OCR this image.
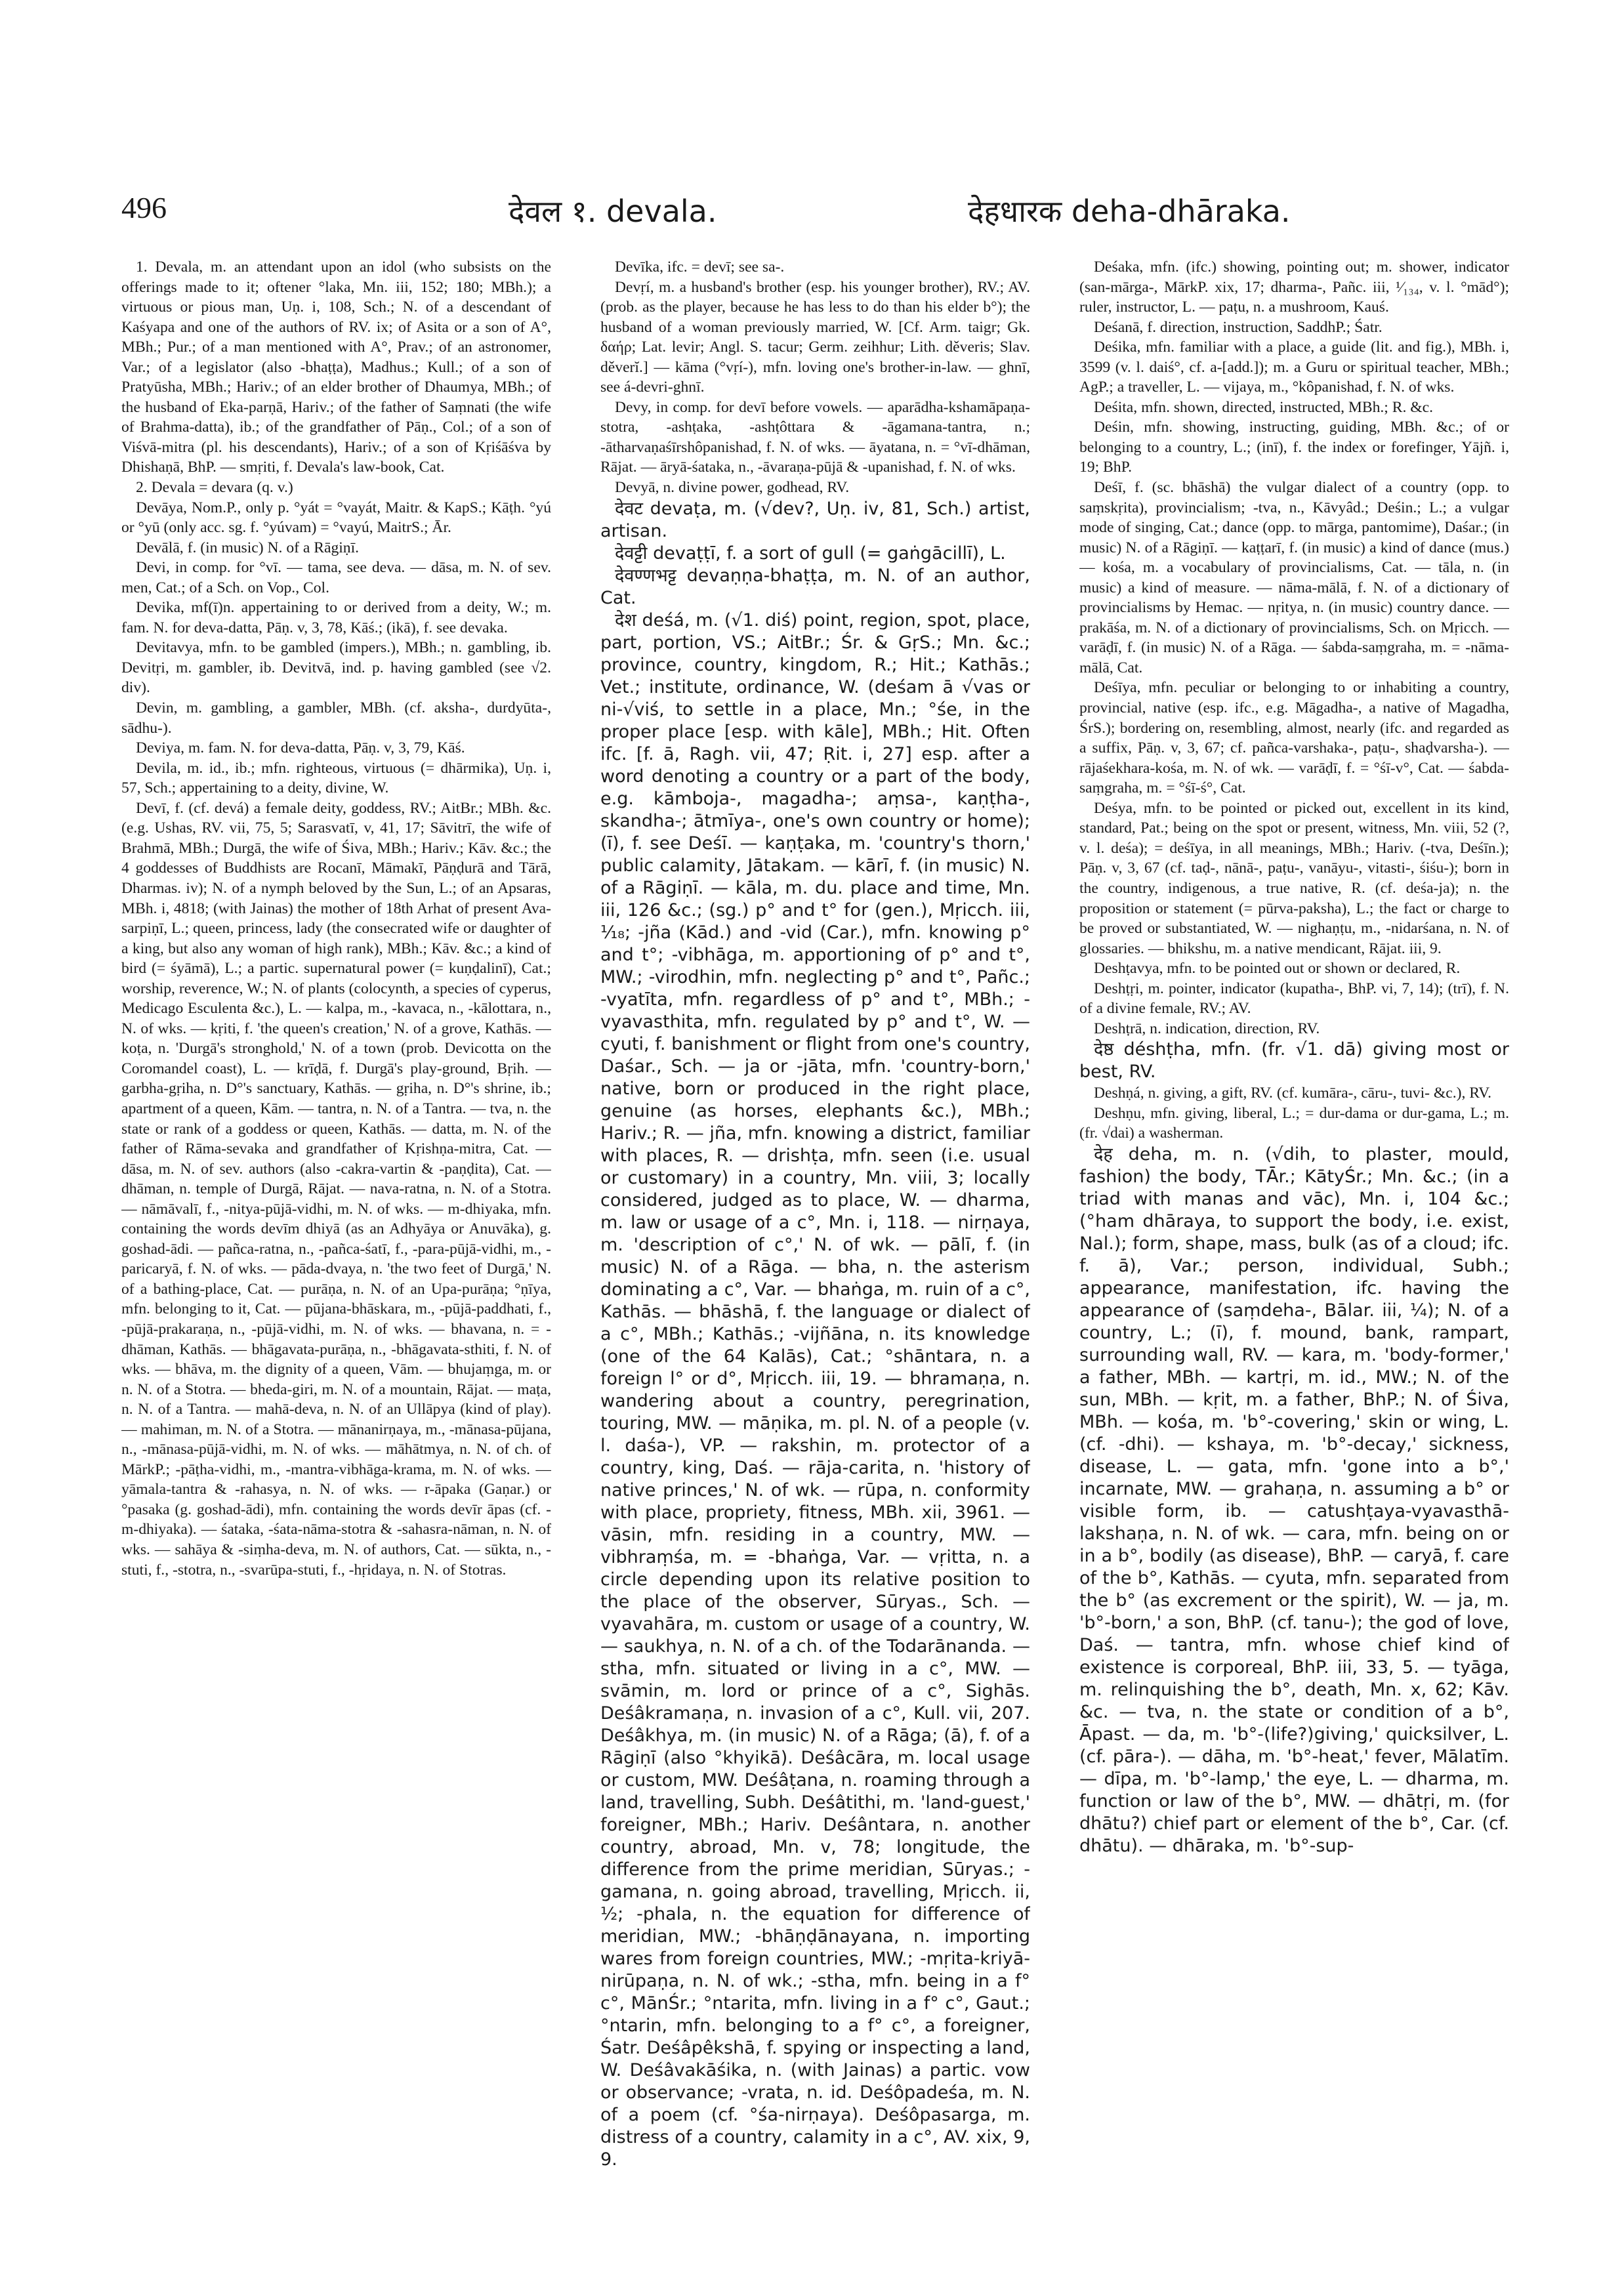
496	देवल १. devala.	देहधारक deha-dhāraka.

1. Devala, m. an attendant upon an idol (who subsists on the offerings made to it; oftener °laka, Mn. iii, 152; 180; MBh.); a virtuous or pious man, Uṇ. i, 108, Sch.; N. of a descendant of Kaśyapa and one of the authors of RV. ix; of Asita or a son of A°, MBh.; Pur.; of a man mentioned with A°, Prav.; of an astronomer, Var.; of a legislator (also -bhaṭṭa), Madhus.; Kull.; of a son of Pratyūsha, MBh.; Hariv.; of an elder brother of Dhaumya, MBh.; of the husband of Eka-parṇā, Hariv.; of the father of Saṃnati (the wife of Brahma-datta), ib.; of the grandfather of Pāṇ., Col.; of a son of Viśvā-mitra (pl. his descendants), Hariv.; of a son of Kṛiśāśva by Dhishaṇā, BhP. — smṛiti, f. Devala's law-book, Cat.

2. Devala = devara (q. v.)

Devāya, Nom.P., only p. °yát = °vayát, Maitr. & KapS.; Kāṭh. °yú or °yū (only acc. sg. f. °yúvam) = °vayú, MaitrS.; Ār.

Devālā, f. (in music) N. of a Rāgiṇī.

Devi, in comp. for °vī. — tama, see deva. — dāsa, m. N. of sev. men, Cat.; of a Sch. on Vop., Col.

Devika, mf(ī)n. appertaining to or derived from a deity, W.; m. fam. N. for deva-datta, Pāṇ. v, 3, 78, Kāś.; (ikā), f. see devaka.

Devitavya, mfn. to be gambled (impers.), MBh.; n. gambling, ib. Devitṛi, m. gambler, ib. Devitvā, ind. p. having gambled (see √2. div).

Devin, m. gambling, a gambler, MBh. (cf. aksha-, durdyūta-, sādhu-).

Deviya, m. fam. N. for deva-datta, Pāṇ. v, 3, 79, Kāś.

Devila, m. id., ib.; mfn. righteous, virtuous (= dhārmika), Uṇ. i, 57, Sch.; appertaining to a deity, divine, W.

Devī, f. (cf. devá) a female deity, goddess, RV.; AitBr.; MBh. &c. (e.g. Ushas, RV. vii, 75, 5; Sarasvatī, v, 41, 17; Sāvitrī, the wife of Brahmā, MBh.; Durgā, the wife of Śiva, MBh.; Hariv.; Kāv. &c.; the 4 goddesses of Buddhists are Rocanī, Māmakī, Pāṇḍurā and Tārā, Dharmas. iv); N. of a nymph beloved by the Sun, L.; of an Apsaras, MBh. i, 4818; (with Jainas) the mother of 18th Arhat of present Ava-sarpiṇī, L.; queen, princess, lady (the consecrated wife or daughter of a king, but also any woman of high rank), MBh.; Kāv. &c.; a kind of bird (= śyāmā), L.; a partic. supernatural power (= kuṇḍalinī), Cat.; worship, reverence, W.; N. of plants (colocynth, a species of cyperus, Medicago Esculenta &c.), L. — kalpa, m., -kavaca, n., -kālottara, n., N. of wks. — kṛiti, f. 'the queen's creation,' N. of a grove, Kathās. — koṭa, n. 'Durgā's stronghold,' N. of a town (prob. Devicotta on the Coromandel coast), L. — krīḍā, f. Durgā's play-ground, Bṛih. — garbha-gṛiha, n. D°'s sanctuary, Kathās. — gṛiha, n. D°'s shrine, ib.; apartment of a queen, Kām. — tantra, n. N. of a Tantra. — tva, n. the state or rank of a goddess or queen, Kathās. — datta, m. N. of the father of Rāma-sevaka and grandfather of Kṛishṇa-mitra, Cat. — dāsa, m. N. of sev. authors (also -cakra-vartin & -paṇḍita), Cat. — dhāman, n. temple of Durgā, Rājat. — nava-ratna, n. N. of a Stotra. — nāmāvalī, f., -nitya-pūjā-vidhi, m. N. of wks. — m-dhiyaka, mfn. containing the words devīm dhiyā (as an Adhyāya or Anuvāka), g. goshad-ādi. — pañca-ratna, n., -pañca-śatī, f., -para-pūjā-vidhi, m., -paricaryā, f. N. of wks. — pāda-dvaya, n. 'the two feet of Durgā,' N. of a bathing-place, Cat. — purāṇa, n. N. of an Upa-purāṇa; °ṇīya, mfn. belonging to it, Cat. — pūjana-bhāskara, m., -pūjā-paddhati, f., -pūjā-prakaraṇa, n., -pūjā-vidhi, m. N. of wks. — bhavana, n. = -dhāman, Kathās. — bhāgavata-purāṇa, n., -bhāgavata-sthiti, f. N. of wks. — bhāva, m. the dignity of a queen, Vām. — bhujaṃga, m. or n. N. of a Stotra. — bheda-giri, m. N. of a mountain, Rājat. — maṭa, n. N. of a Tantra. — mahā-deva, n. N. of an Ullāpya (kind of play). — mahiman, m. N. of a Stotra. — mānanirṇaya, m., -mānasa-pūjana, n., -mānasa-pūjā-vidhi, m. N. of wks. — māhātmya, n. N. of ch. of MārkP.; -pāṭha-vidhi, m., -mantra-vibhāga-krama, m. N. of wks. — yāmala-tantra & -rahasya, n. N. of wks. — r-āpaka (Gaṇar.) or °pasaka (g. goshad-ādi), mfn. containing the words devīr āpas (cf. -m-dhiyaka). — śataka, -śata-nāma-stotra & -sahasra-nāman, n. N. of wks. — sahāya & -siṃha-deva, m. N. of authors, Cat. — sūkta, n., -stuti, f., -stotra, n., -svarūpa-stuti, f., -hṛidaya, n. N. of Stotras.

Devīka, ifc. = devī; see sa-.

Devṛí, m. a husband's brother (esp. his younger brother), RV.; AV. (prob. as the player, because he has less to do than his elder b°); the husband of a woman previously married, W. [Cf. Arm. taigr; Gk. δαήρ; Lat. levir; Angl. S. tacur; Germ. zeihhur; Lith. děveris; Slav. děverĭ.] — kāma (°vṛí-), mfn. loving one's brother-in-law. — ghnī, see á-devri-ghnī.

Devy, in comp. for devī before vowels. — aparādha-kshamāpaṇa-stotra, -ashṭaka, -ashṭôttara & -āgamana-tantra, n.; -ātharvaṇaśīrshôpanishad, f. N. of wks. — āyatana, n. = °vī-dhāman, Rājat. — āryā-śataka, n., -āvaraṇa-pūjā & -upanishad, f. N. of wks.

Devyā, n. divine power, godhead, RV.

देवट devaṭa, m. (√dev?, Uṇ. iv, 81, Sch.) artist, artisan.

देवट्टी devaṭṭī, f. a sort of gull (= gaṅgācillī), L.

देवण्णभट्ट devaṇṇa-bhaṭṭa, m. N. of an author, Cat.

देश deśá, m. (√1. diś) point, region, spot, place, part, portion, VS.; AitBr.; Śr. & GṛS.; Mn. &c.; province, country, kingdom, R.; Hit.; Kathās.; Vet.; institute, ordinance, W. (deśam ā √vas or ni-√viś, to settle in a place, Mn.; °śe, in the proper place [esp. with kāle], MBh.; Hit. Often ifc. [f. ā, Ragh. vii, 47; Ṛit. i, 27] esp. after a word denoting a country or a part of the body, e.g. kāmboja-, magadha-; aṃsa-, kaṇṭha-, skandha-; ātmīya-, one's own country or home); (ī), f. see Deśī. — kaṇṭaka, m. 'country's thorn,' public calamity, Jātakam. — kārī, f. (in music) N. of a Rāgiṇī. — kāla, m. du. place and time, Mn. iii, 126 &c.; (sg.) p° and t° for (gen.), Mṛicch. iii, ¹⁄₁₈; -jña (Kād.) and -vid (Car.), mfn. knowing p° and t°; -vibhāga, m. apportioning of p° and t°, MW.; -virodhin, mfn. neglecting p° and t°, Pañc.; -vyatīta, mfn. regardless of p° and t°, MBh.; -vyavasthita, mfn. regulated by p° and t°, W. — cyuti, f. banishment or flight from one's country, Daśar., Sch. — ja or -jāta, mfn. 'country-born,' native, born or produced in the right place, genuine (as horses, elephants &c.), MBh.; Hariv.; R. — jña, mfn. knowing a district, familiar with places, R. — drishṭa, mfn. seen (i.e. usual or customary) in a country, Mn. viii, 3; locally considered, judged as to place, W. — dharma, m. law or usage of a c°, Mn. i, 118. — nirṇaya, m. 'description of c°,' N. of wk. — pālī, f. (in music) N. of a Rāga. — bha, n. the asterism dominating a c°, Var. — bhaṅga, m. ruin of a c°, Kathās. — bhāshā, f. the language or dialect of a c°, MBh.; Kathās.; -vijñāna, n. its knowledge (one of the 64 Kalās), Cat.; °shāntara, n. a foreign l° or d°, Mṛicch. iii, 19. — bhramaṇa, n. wandering about a country, peregrination, touring, MW. — māṇika, m. pl. N. of a people (v. l. daśa-), VP. — rakshin, m. protector of a country, king, Daś. — rāja-carita, n. 'history of native princes,' N. of wk. — rūpa, n. conformity with place, propriety, fitness, MBh. xii, 3961. — vāsin, mfn. residing in a country, MW. — vibhraṃśa, m. = -bhaṅga, Var. — vṛitta, n. a circle depending upon its relative position to the place of the observer, Sūryas., Sch. — vyavahāra, m. custom or usage of a country, W. — saukhya, n. N. of a ch. of the Todarānanda. — stha, mfn. situated or living in a c°, MW. — svāmin, m. lord or prince of a c°, Sighās. Deśâkramaṇa, n. invasion of a c°, Kull. vii, 207. Deśâkhya, m. (in music) N. of a Rāga; (ā), f. of a Rāgiṇī (also °khyikā). Deśâcāra, m. local usage or custom, MW. Deśâṭana, n. roaming through a land, travelling, Subh. Deśâtithi, m. 'land-guest,' foreigner, MBh.; Hariv. Deśântara, n. another country, abroad, Mn. v, 78; longitude, the difference from the prime meridian, Sūryas.; -gamana, n. going abroad, travelling, Mṛicch. ii, ½; -phala, n. the equation for difference of meridian, MW.; -bhāṇḍānayana, n. importing wares from foreign countries, MW.; -mṛita-kriyā-nirūpaṇa, n. N. of wk.; -stha, mfn. being in a f° c°, MānŚr.; °ntarita, mfn. living in a f° c°, Gaut.; °ntarin, mfn. belonging to a f° c°, a foreigner, Śatr. Deśâpêkshā, f. spying or inspecting a land, W. Deśâvakāśika, n. (with Jainas) a partic. vow or observance; -vrata, n. id. Deśôpadeśa, m. N. of a poem (cf. °śa-nirṇaya). Deśôpasarga, m. distress of a country, calamity in a c°, AV. xix, 9, 9.

Deśaka, mfn. (ifc.) showing, pointing out; m. shower, indicator (san-mārga-, MārkP. xix, 17; dharma-, Pañc. iii, ¹⁄₁₃₄, v. l. °mād°); ruler, instructor, L. — paṭu, n. a mushroom, Kauś.

Deśanā, f. direction, instruction, SaddhP.; Śatr.

Deśika, mfn. familiar with a place, a guide (lit. and fig.), MBh. i, 3599 (v. l. daiś°, cf. a-[add.]); m. a Guru or spiritual teacher, MBh.; AgP.; a traveller, L. — vijaya, m., °kôpanishad, f. N. of wks.

Deśita, mfn. shown, directed, instructed, MBh.; R. &c.

Deśin, mfn. showing, instructing, guiding, MBh. &c.; of or belonging to a country, L.; (inī), f. the index or forefinger, Yājñ. i, 19; BhP.

Deśī, f. (sc. bhāshā) the vulgar dialect of a country (opp. to saṃskṛita), provincialism; -tva, n., Kāvyâd.; Deśin.; L.; a vulgar mode of singing, Cat.; dance (opp. to mārga, pantomime), Daśar.; (in music) N. of a Rāgiṇī. — kaṭṭarī, f. (in music) a kind of dance (mus.) — kośa, m. a vocabulary of provincialisms, Cat. — tāla, n. (in music) a kind of measure. — nāma-mālā, f. N. of a dictionary of provincialisms by Hemac. — nṛitya, n. (in music) country dance. — prakāśa, m. N. of a dictionary of provincialisms, Sch. on Mṛicch. — varāḍī, f. (in music) N. of a Rāga. — śabda-saṃgraha, m. = -nāma-mālā, Cat.

Deśīya, mfn. peculiar or belonging to or inhabiting a country, provincial, native (esp. ifc., e.g. Māgadha-, a native of Magadha, ŚrS.); bordering on, resembling, almost, nearly (ifc. and regarded as a suffix, Pāṇ. v, 3, 67; cf. pañca-varshaka-, paṭu-, shaḍvarsha-). — rājaśekhara-kośa, m. N. of wk. — varāḍī, f. = °śī-v°, Cat. — śabda-saṃgraha, m. = °śī-ś°, Cat.

Deśya, mfn. to be pointed or picked out, excellent in its kind, standard, Pat.; being on the spot or present, witness, Mn. viii, 52 (?, v. l. deśa); = deśīya, in all meanings, MBh.; Hariv. (-tva, Deśīn.); Pāṇ. v, 3, 67 (cf. taḍ-, nānā-, paṭu-, vanāyu-, vitasti-, śiśu-); born in the country, indigenous, a true native, R. (cf. deśa-ja); n. the proposition or statement (= pūrva-paksha), L.; the fact or charge to be proved or substantiated, W. — nighaṇṭu, m., -nidarśana, n. N. of glossaries. — bhikshu, m. a native mendicant, Rājat. iii, 9.

Deshṭavya, mfn. to be pointed out or shown or declared, R.

Deshṭṛi, m. pointer, indicator (kupatha-, BhP. vi, 7, 14); (trī), f. N. of a divine female, RV.; AV.

Deshṭrā, n. indication, direction, RV.

देष्ठ déshṭha, mfn. (fr. √1. dā) giving most or best, RV.

Deshṇá, n. giving, a gift, RV. (cf. kumāra-, cāru-, tuvi- &c.), RV.

Deshṇu, mfn. giving, liberal, L.; = dur-dama or dur-gama, L.; m. (fr. √dai) a washerman.

देह deha, m. n. (√dih, to plaster, mould, fashion) the body, TĀr.; KātyŚr.; Mn. &c.; (in a triad with manas and vāc), Mn. i, 104 &c.; (°ham dhāraya, to support the body, i.e. exist, Nal.); form, shape, mass, bulk (as of a cloud; ifc. f. ā), Var.; person, individual, Subh.; appearance, manifestation, ifc. having the appearance of (saṃdeha-, Bālar. iii, ¼); N. of a country, L.; (ī), f. mound, bank, rampart, surrounding wall, RV. — kara, m. 'body-former,' a father, MBh. — kartṛi, m. id., MW.; N. of the sun, MBh. — kṛit, m. a father, BhP.; N. of Śiva, MBh. — kośa, m. 'b°-covering,' skin or wing, L. (cf. -dhi). — kshaya, m. 'b°-decay,' sickness, disease, L. — gata, mfn. 'gone into a b°,' incarnate, MW. — grahaṇa, n. assuming a b° or visible form, ib. — catushṭaya-vyavasthā-lakshaṇa, n. N. of wk. — cara, mfn. being on or in a b°, bodily (as disease), BhP. — caryā, f. care of the b°, Kathās. — cyuta, mfn. separated from the b° (as excrement or the spirit), W. — ja, m. 'b°-born,' a son, BhP. (cf. tanu-); the god of love, Daś. — tantra, mfn. whose chief kind of existence is corporeal, BhP. iii, 33, 5. — tyāga, m. relinquishing the b°, death, Mn. x, 62; Kāv. &c. — tva, n. the state or condition of a b°, Āpast. — da, m. 'b°-(life?)giving,' quicksilver, L. (cf. pāra-). — dāha, m. 'b°-heat,' fever, Mālatīm. — dīpa, m. 'b°-lamp,' the eye, L. — dharma, m. function or law of the b°, MW. — dhātṛi, m. (for dhātu?) chief part or element of the b°, Car. (cf. dhātu). — dhāraka, m. 'b°-sup-
